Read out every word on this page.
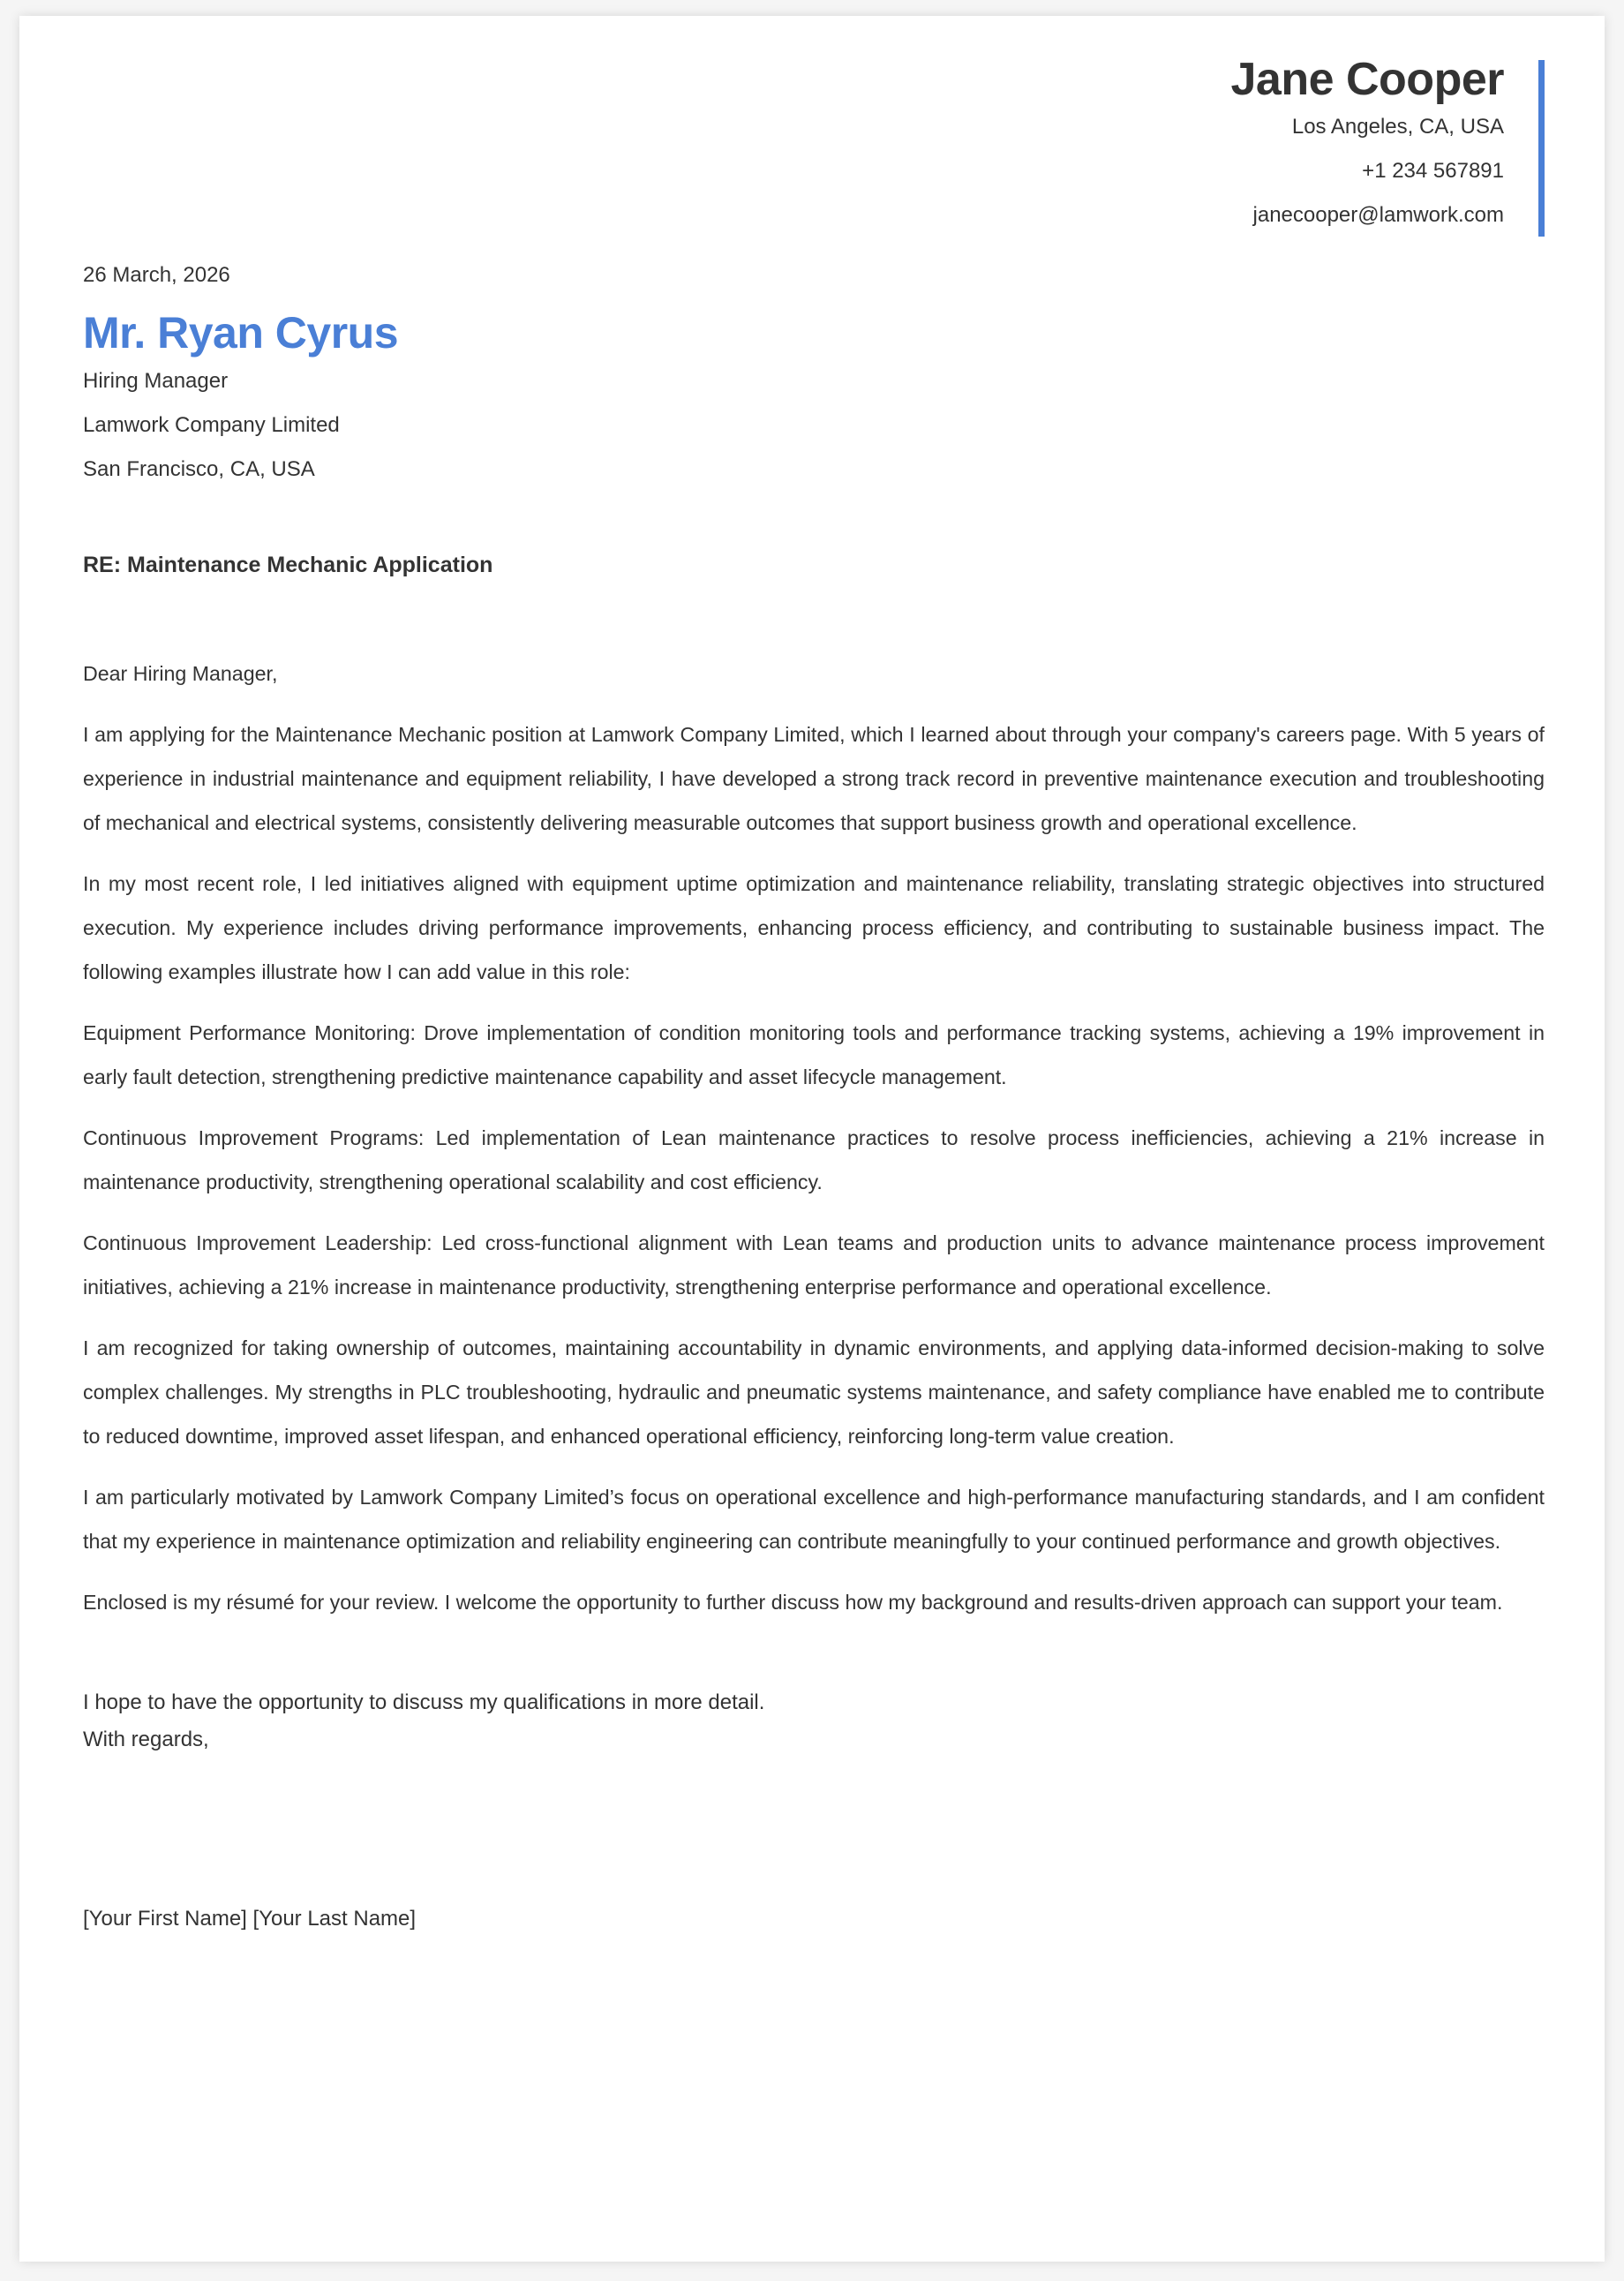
Jane Cooper
Los Angeles, CA, USA
+1 234 567891
janecooper@lamwork.com
26 March, 2026
Mr. Ryan Cyrus
Hiring Manager
Lamwork Company Limited
San Francisco, CA, USA
RE: Maintenance Mechanic Application

Dear Hiring Manager,

I am applying for the Maintenance Mechanic position at Lamwork Company Limited, which I learned about through your company's careers page. With 5 years of experience in industrial maintenance and equipment reliability, I have developed a strong track record in preventive maintenance execution and troubleshooting of mechanical and electrical systems, consistently delivering measurable outcomes that support business growth and operational excellence.

In my most recent role, I led initiatives aligned with equipment uptime optimization and maintenance reliability, translating strategic objectives into structured execution. My experience includes driving performance improvements, enhancing process efficiency, and contributing to sustainable business impact. The following examples illustrate how I can add value in this role:

Equipment Performance Monitoring: Drove implementation of condition monitoring tools and performance tracking systems, achieving a 19% improvement in early fault detection, strengthening predictive maintenance capability and asset lifecycle management.

Continuous Improvement Programs: Led implementation of Lean maintenance practices to resolve process inefficiencies, achieving a 21% increase in maintenance productivity, strengthening operational scalability and cost efficiency.

Continuous Improvement Leadership: Led cross-functional alignment with Lean teams and production units to advance maintenance process improvement initiatives, achieving a 21% increase in maintenance productivity, strengthening enterprise performance and operational excellence.

I am recognized for taking ownership of outcomes, maintaining accountability in dynamic environments, and applying data-informed decision-making to solve complex challenges. My strengths in PLC troubleshooting, hydraulic and pneumatic systems maintenance, and safety compliance have enabled me to contribute to reduced downtime, improved asset lifespan, and enhanced operational efficiency, reinforcing long-term value creation.

I am particularly motivated by Lamwork Company Limited’s focus on operational excellence and high-performance manufacturing standards, and I am confident that my experience in maintenance optimization and reliability engineering can contribute meaningfully to your continued performance and growth objectives.

Enclosed is my résumé for your review. I welcome the opportunity to further discuss how my background and results-driven approach can support your team.

I hope to have the opportunity to discuss my qualifications in more detail.
With regards,
[Your First Name] [Your Last Name]
